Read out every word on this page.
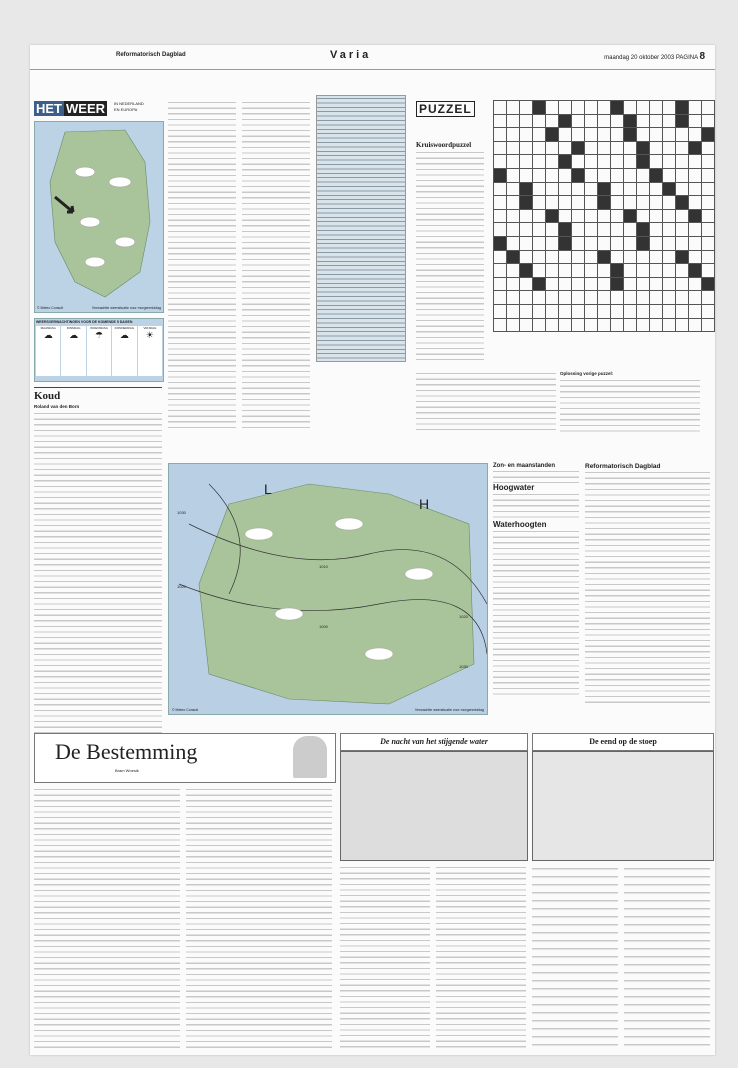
Reformatorisch Dagblad	Varia	maandag 20 oktober 2003 PAGINA 8
HET WEER IN NEDERLAND
EN EUROPA
© Meteo Consult	Verwachtte weersituatie voor morgenmiddag
WEERSVERWACHTINGEN VOOR DE KOMENDE 5 DAGEN
MAANDAG
☁
DINSDAG
☁
WOENSDAG
☂
DONDERDAG
☁
VRIJDAG
☀
Koud
Roland van den Born
PUZZEL
Kruiswoordpuzzel

Oplossing vorige puzzel:
L
H
1030
1020
1010
1000
1020
1030
© Meteo Consult	Verwachtte weersituatie voor morgenmiddag
Zon- en maanstanden
Hoogwater
Waterhoogten
Reformatorisch Dagblad
De Bestemming
Bram Woesik
De nacht van het stijgende water	De eend op de stoep
